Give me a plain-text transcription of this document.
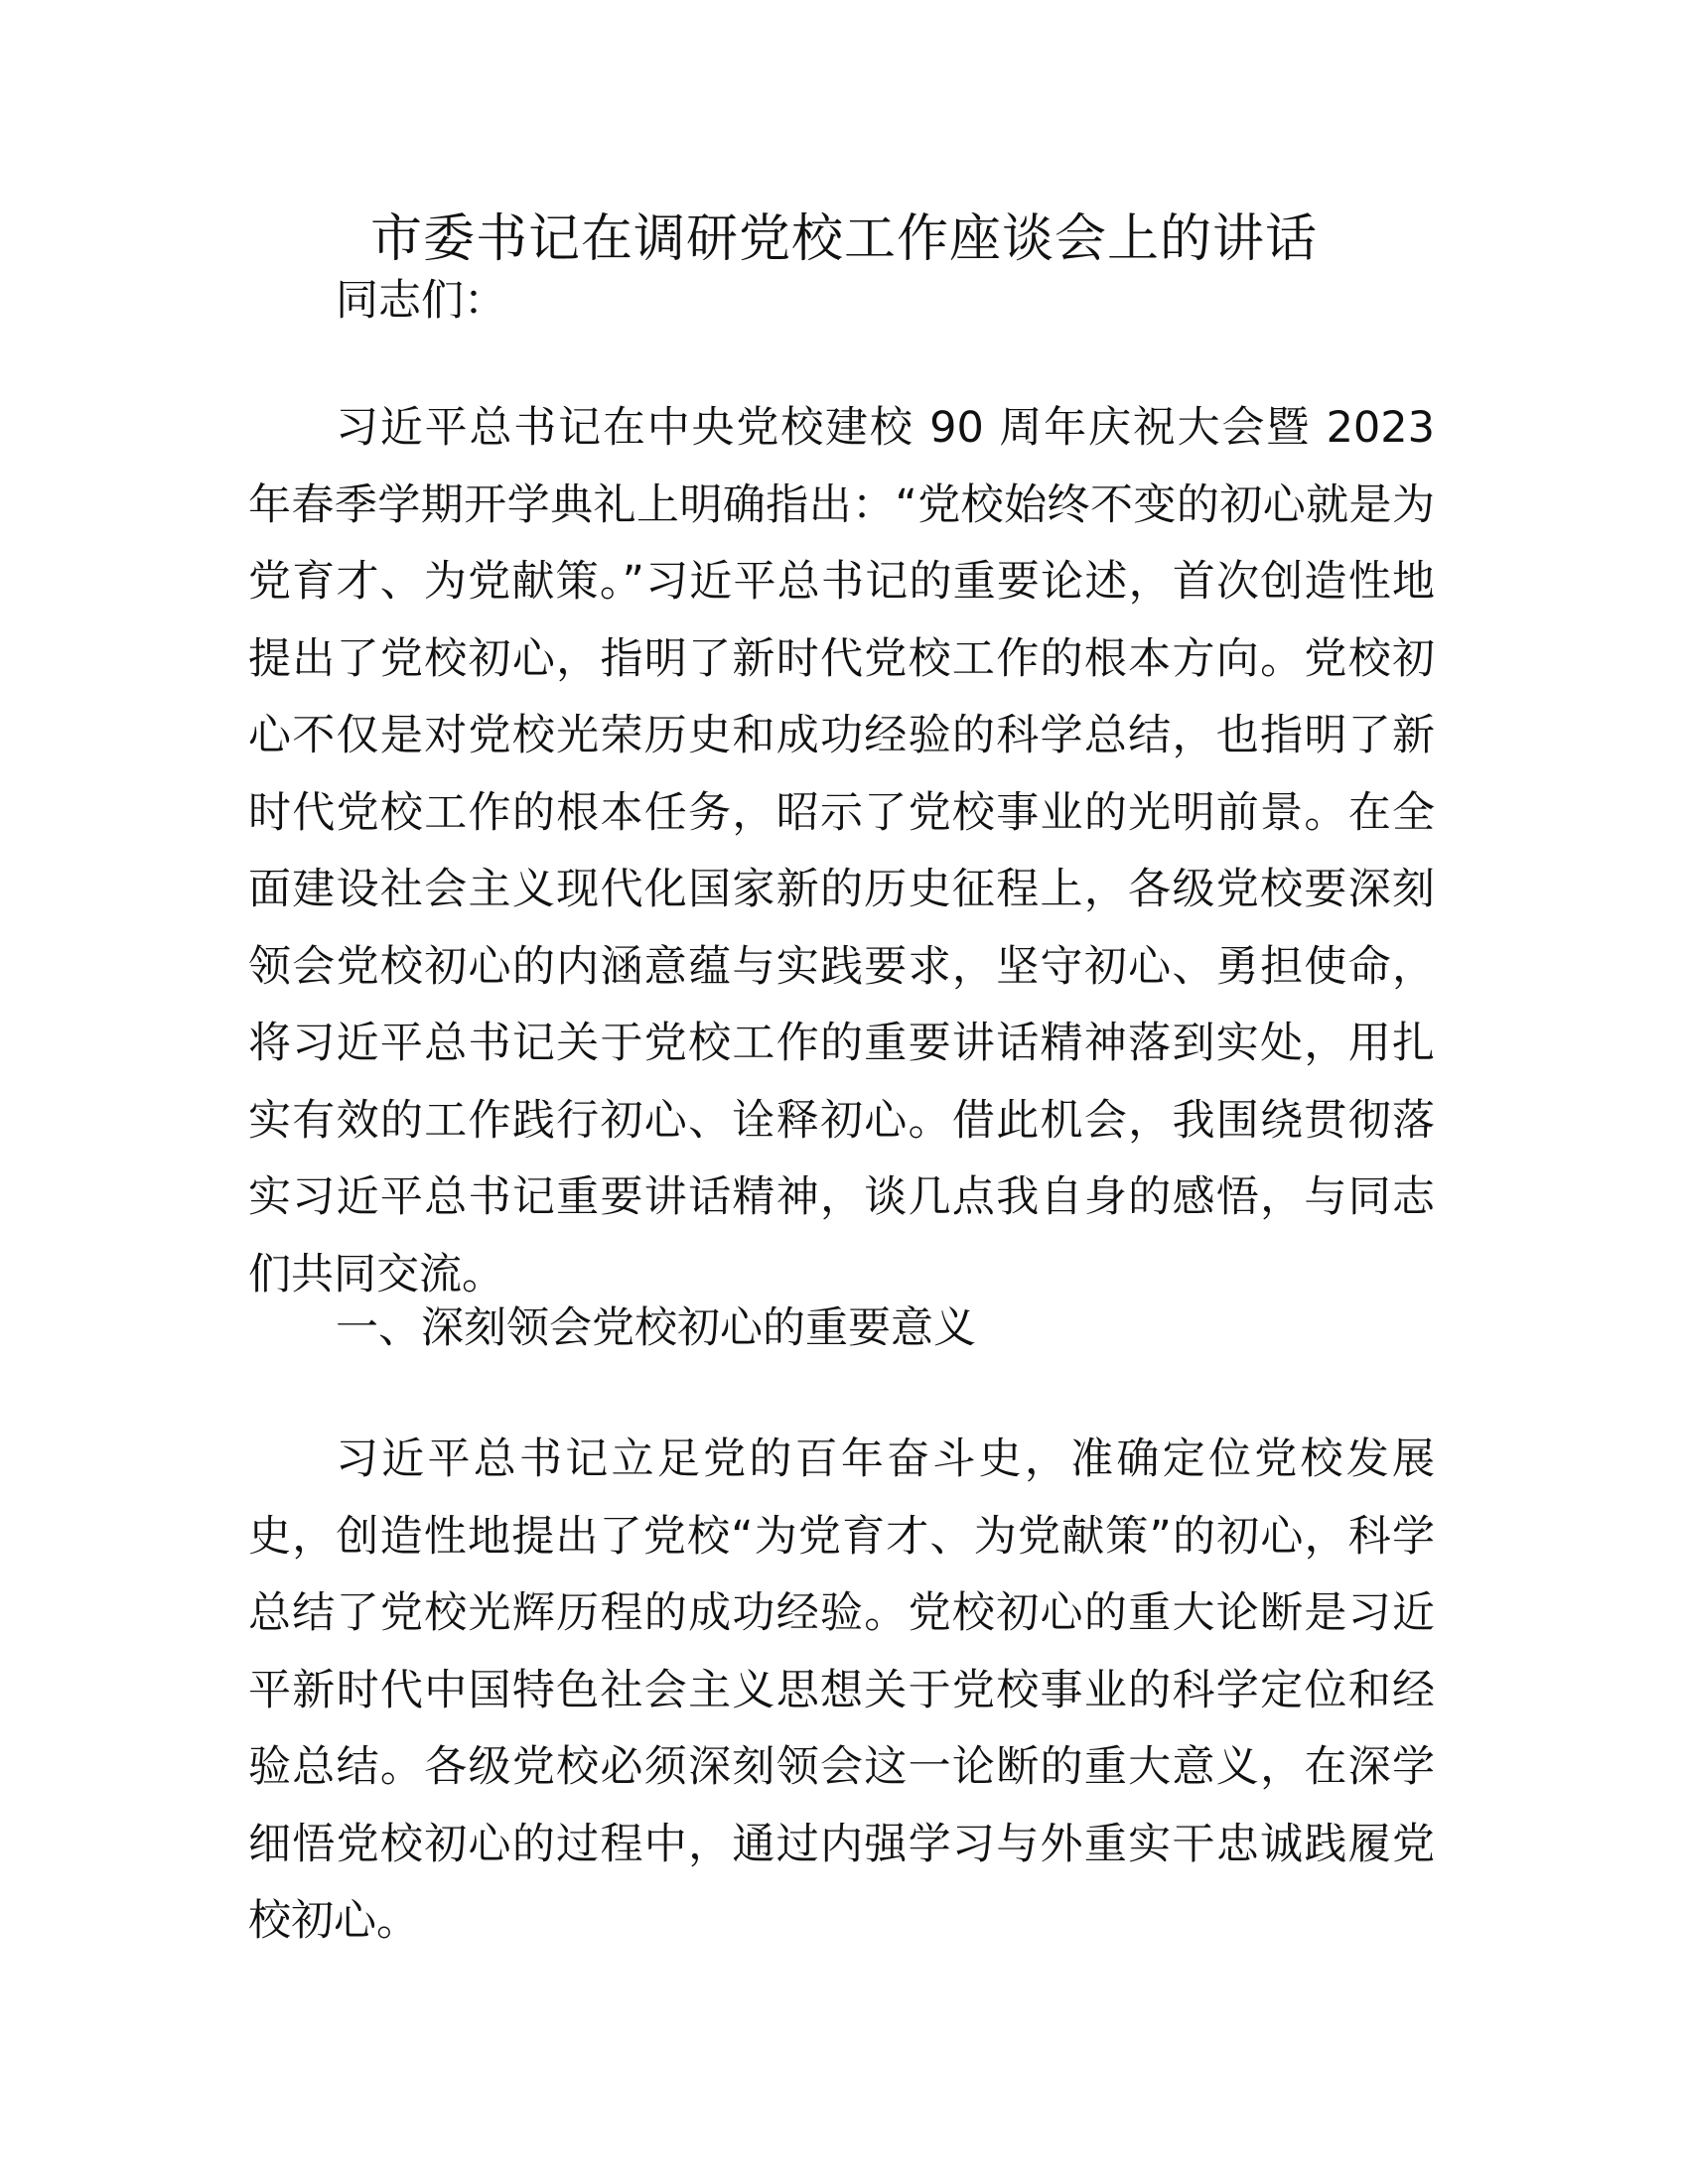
市委书记在调研党校工作座谈会上的讲话
同志们：
习近平总书记在中央党校建校 90 周年庆祝大会暨 2023 年春季学期开学典礼上明确指出：“党校始终不变的初心就是为党育才、为党献策。”习近平总书记的重要论述，首次创造性地提出了党校初心，指明了新时代党校工作的根本方向。党校初心不仅是对党校光荣历史和成功经验的科学总结，也指明了新时代党校工作的根本任务，昭示了党校事业的光明前景。在全面建设社会主义现代化国家新的历史征程上，各级党校要深刻领会党校初心的内涵意蕴与实践要求，坚守初心、勇担使命，将习近平总书记关于党校工作的重要讲话精神落到实处，用扎实有效的工作践行初心、诠释初心。借此机会，我围绕贯彻落实习近平总书记重要讲话精神，谈几点我自身的感悟，与同志们共同交流。
一、深刻领会党校初心的重要意义
习近平总书记立足党的百年奋斗史，准确定位党校发展史，创造性地提出了党校“为党育才、为党献策”的初心，科学总结了党校光辉历程的成功经验。党校初心的重大论断是习近平新时代中国特色社会主义思想关于党校事业的科学定位和经验总结。各级党校必须深刻领会这一论断的重大意义，在深学细悟党校初心的过程中，通过内强学习与外重实干忠诚践履党校初心。
